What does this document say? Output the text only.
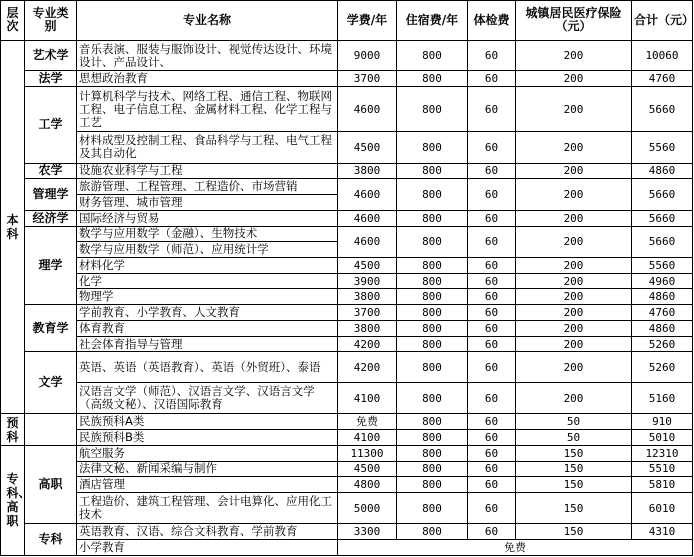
层次	专业类别	专业名称	学费/年	住宿费/年	体检费	城镇居民医疗保险（元）	合计（元）
本科	艺术学	音乐表演、服装与服饰设计、视觉传达设计、环境设计、产品设计、	9000	800	60	200	10060
	法学	思想政治教育	3700	800	60	200	4760
	工学	计算机科学与技术、网络工程、通信工程、物联网工程、电子信息工程、金属材料工程、化学工程与工艺	4600	800	60	200	5660
		材料成型及控制工程、食品科学与工程、电气工程及其自动化	4500	800	60	200	5560
	农学	设施农业科学与工程	3800	800	60	200	4860
	管理学	旅游管理、工程管理、工程造价、市场营销	4600	800	60	200	5660
		财务管理、城市管理					
	经济学	国际经济与贸易	4600	800	60	200	5660
	理学	数学与应用数学（金融）、生物技术	4600	800	60	200	5660
		数学与应用数学（师范）、应用统计学					
		材料化学	4500	800	60	200	5560
		化学	3900	800	60	200	4960
		物理学	3800	800	60	200	4860
	教育学	学前教育、小学教育、人文教育	3700	800	60	200	4760
		体育教育	3800	800	60	200	4860
		社会体育指导与管理	4200	800	60	200	5260
	文学	英语、英语（英语教育）、英语（外贸班）、泰语	4200	800	60	200	5260
		汉语言文学（师范）、汉语言文学、汉语言文学（高级文秘）、汉语国际教育	4100	800	60	200	5160
预科		民族预科A类	免费	800	60	50	910
		民族预科B类	4100	800	60	50	5010
专科、高职	高职	航空服务	11300	800	60	150	12310
		法律文秘、新闻采编与制作	4500	800	60	150	5510
		酒店管理	4800	800	60	150	5810
		工程造价、建筑工程管理、会计电算化、应用化工技术	5000	800	60	150	6010
	专科	英语教育、汉语、综合文科教育、学前教育	3300	800	60	150	4310
		小学教育	免费				
